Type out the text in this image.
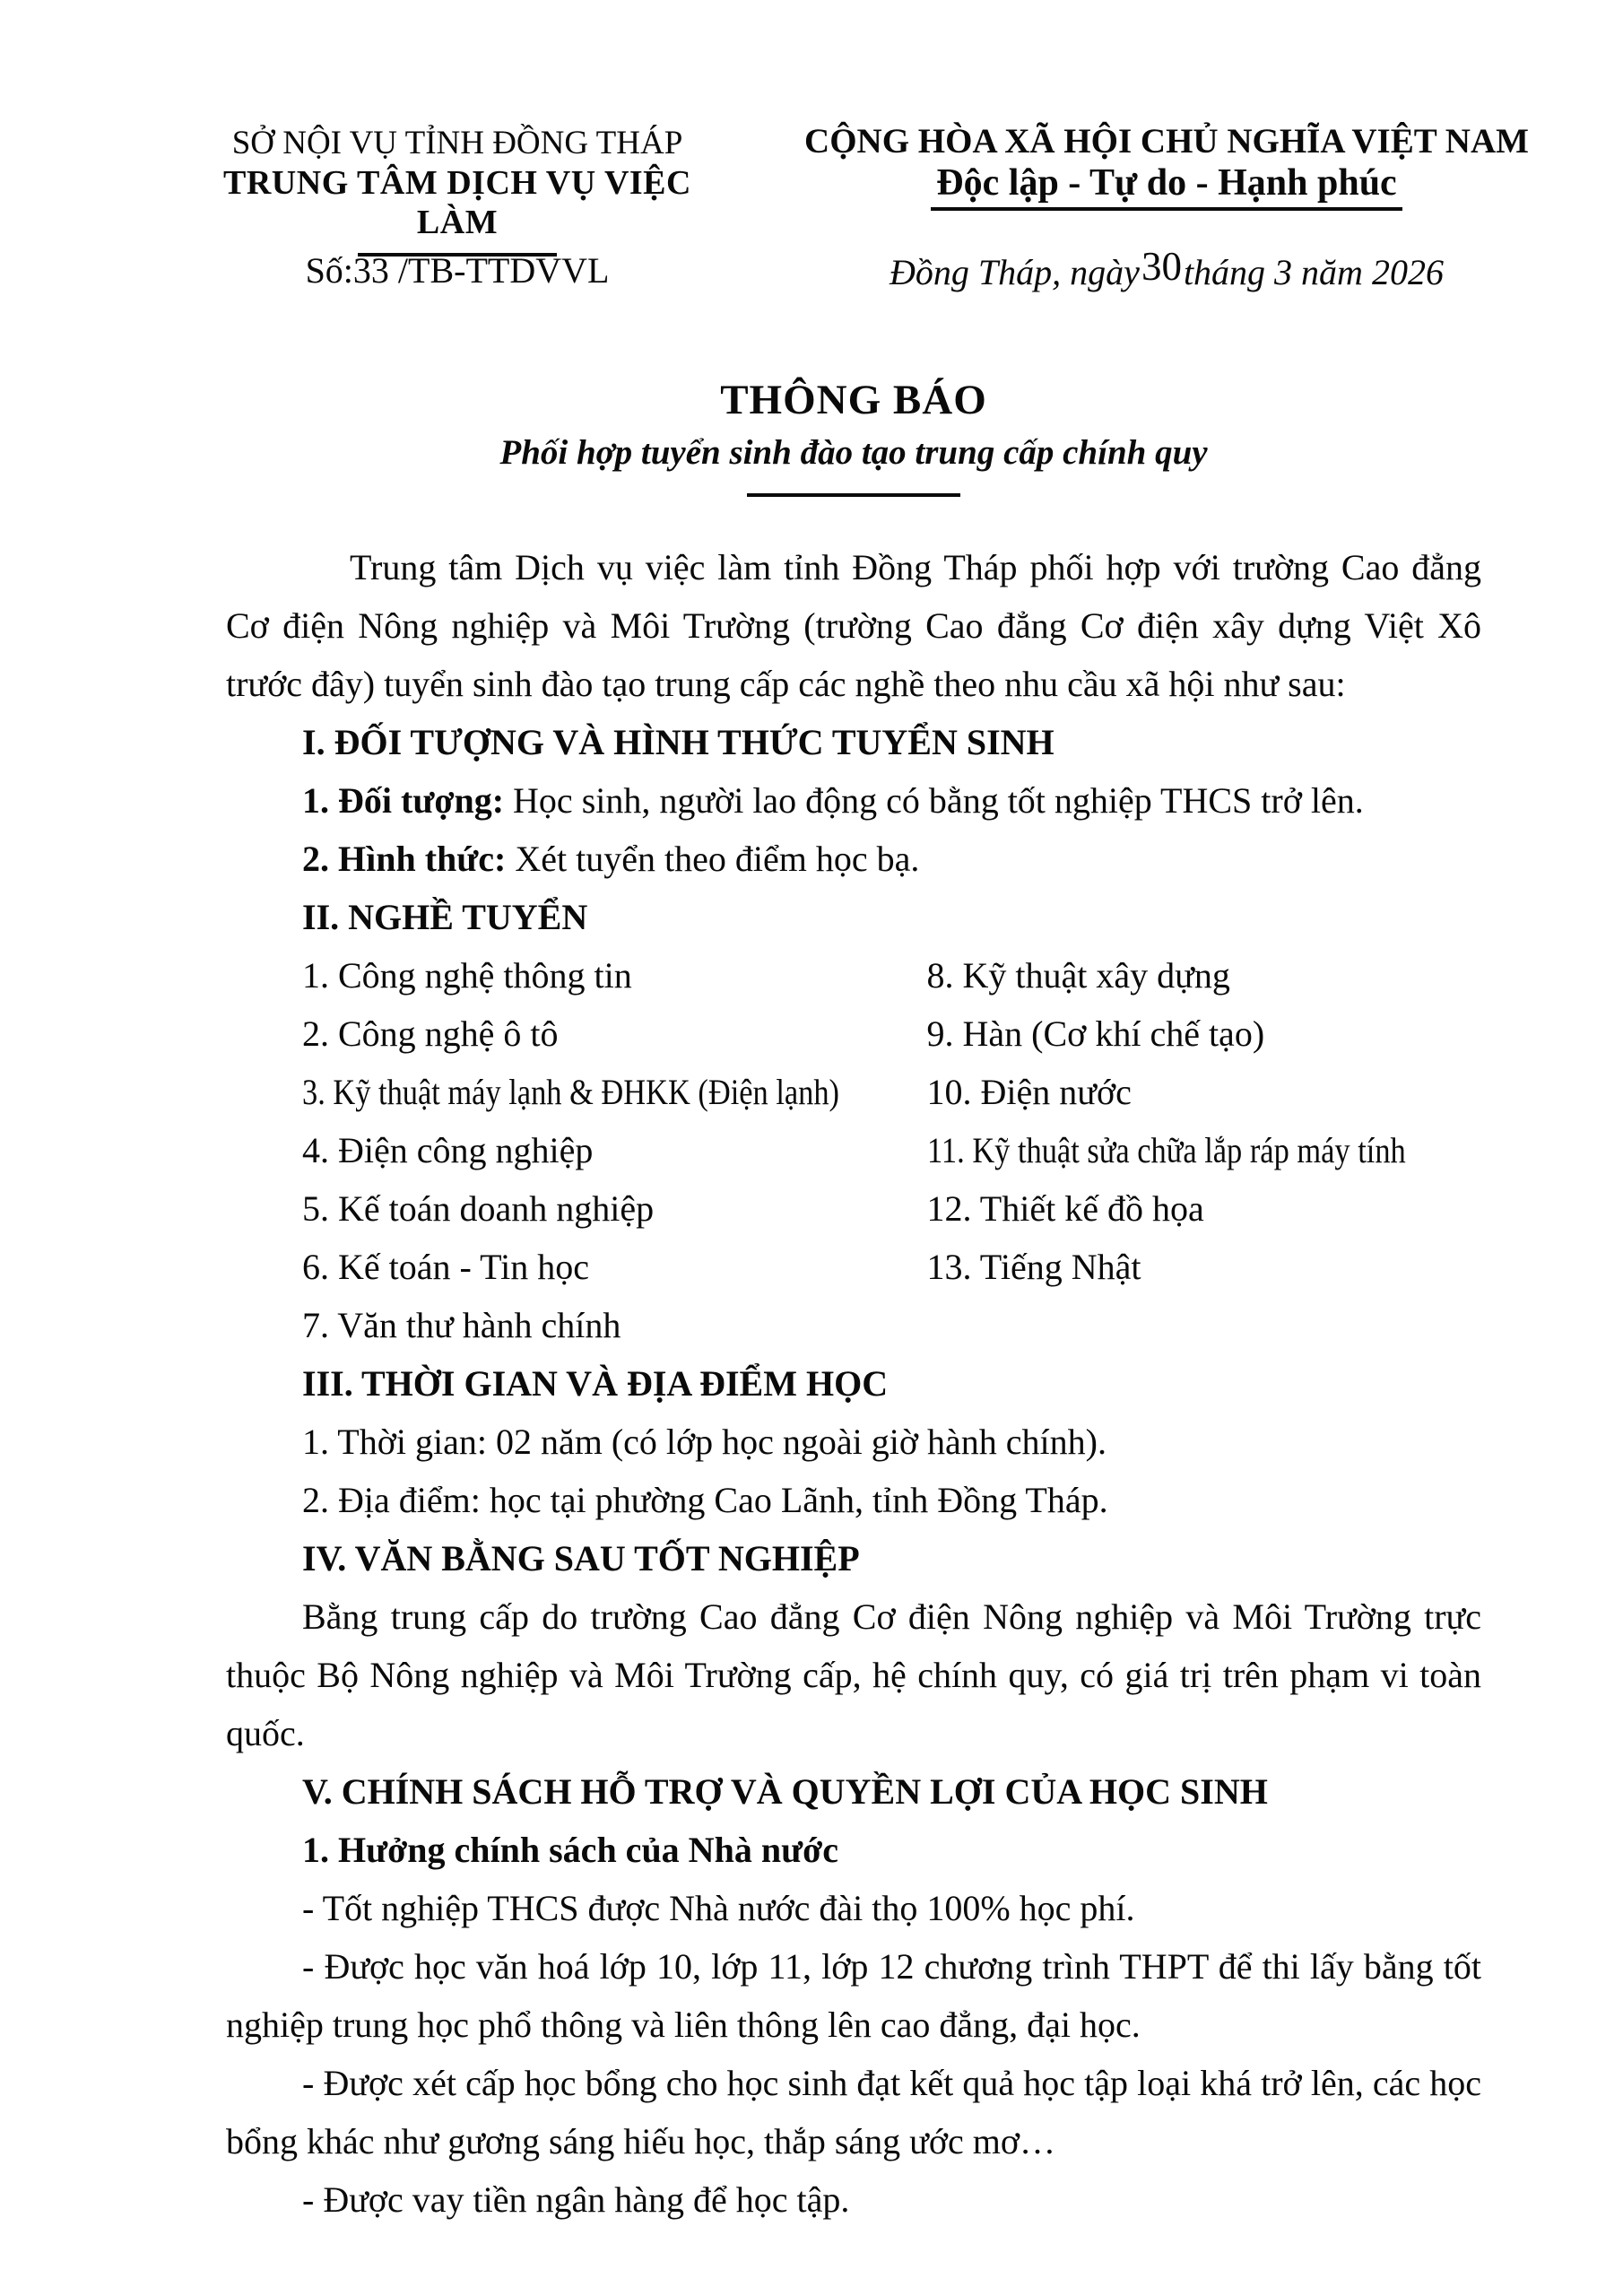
SỞ NỘI VỤ TỈNH ĐỒNG THÁP
TRUNG TÂM DỊCH VỤ VIỆC LÀM
CỘNG HÒA XÃ HỘI CHỦ NGHĨA VIỆT NAM
Độc lập - Tự do - Hạnh phúc
Số:33 /TB-TTDVVL	Đồng Tháp, ngày30tháng 3 năm 2026
THÔNG BÁO
Phối hợp tuyển sinh đào tạo trung cấp chính quy

Trung tâm Dịch vụ việc làm tỉnh Đồng Tháp phối hợp với trường Cao đẳng Cơ điện Nông nghiệp và Môi Trường (trường Cao đẳng Cơ điện xây dựng Việt Xô trước đây) tuyển sinh đào tạo trung cấp các nghề theo nhu cầu xã hội như sau:

I. ĐỐI TƯỢNG VÀ HÌNH THỨC TUYỂN SINH

1. Đối tượng: Học sinh, người lao động có bằng tốt nghiệp THCS trở lên.

2. Hình thức: Xét tuyển theo điểm học bạ.

II. NGHỀ TUYỂN

1. Công nghệ thông tin
2. Công nghệ ô tô
3. Kỹ thuật máy lạnh & ĐHKK (Điện lạnh)
4. Điện công nghiệp
5. Kế toán doanh nghiệp
6. Kế toán - Tin học
7. Văn thư hành chính
8. Kỹ thuật xây dựng
9. Hàn (Cơ khí chế tạo)
10. Điện nước
11. Kỹ thuật sửa chữa lắp ráp máy tính
12. Thiết kế đồ họa
13. Tiếng Nhật

III. THỜI GIAN VÀ ĐỊA ĐIỂM HỌC

1. Thời gian: 02 năm (có lớp học ngoài giờ hành chính).

2. Địa điểm: học tại phường Cao Lãnh, tỉnh Đồng Tháp.

IV. VĂN BẰNG SAU TỐT NGHIỆP

Bằng trung cấp do trường Cao đẳng Cơ điện Nông nghiệp và Môi Trường trực thuộc Bộ Nông nghiệp và Môi Trường cấp, hệ chính quy, có giá trị trên phạm vi toàn quốc.

V. CHÍNH SÁCH HỖ TRỢ VÀ QUYỀN LỢI CỦA HỌC SINH

1. Hưởng chính sách của Nhà nước

- Tốt nghiệp THCS được Nhà nước đài thọ 100% học phí.

- Được học văn hoá lớp 10, lớp 11, lớp 12 chương trình THPT để thi lấy bằng tốt nghiệp trung học phổ thông và liên thông lên cao đẳng, đại học.

- Được xét cấp học bổng cho học sinh đạt kết quả học tập loại khá trở lên, các học bổng khác như gương sáng hiếu học, thắp sáng ước mơ…

- Được vay tiền ngân hàng để học tập.
